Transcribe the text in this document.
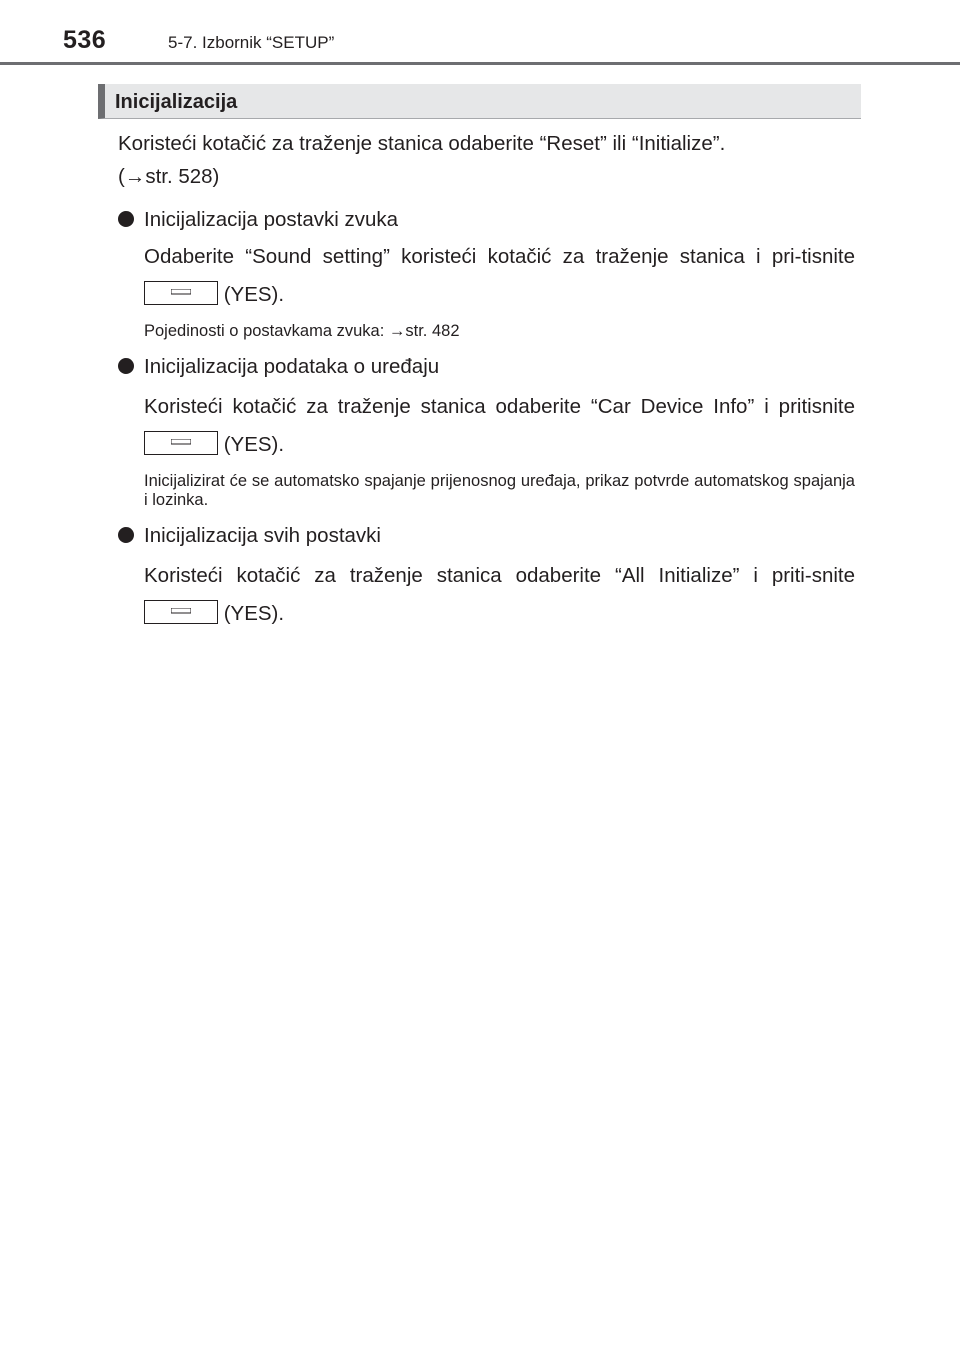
536	5-7. Izbornik “SETUP”
Inicijalizacija

Koristeći kotačić za traženje stanica odaberite “Reset” ili “Initialize”.

(→str. 528)

Inicijalizacija postavki zvuka
Odaberite “Sound setting” koristeći kotačić za traženje stanica i pri-tisnite
(YES).
Pojedinosti o postavkama zvuka: →str. 482
Inicijalizacija podataka o uređaju
Koristeći kotačić za traženje stanica odaberite “Car Device Info” i pritisnite
(YES).
Inicijalizirat će se automatsko spajanje prijenosnog uređaja, prikaz potvrde automatskog spajanja i lozinka.
Inicijalizacija svih postavki
Koristeći kotačić za traženje stanica odaberite “All Initialize” i priti-snite
(YES).
